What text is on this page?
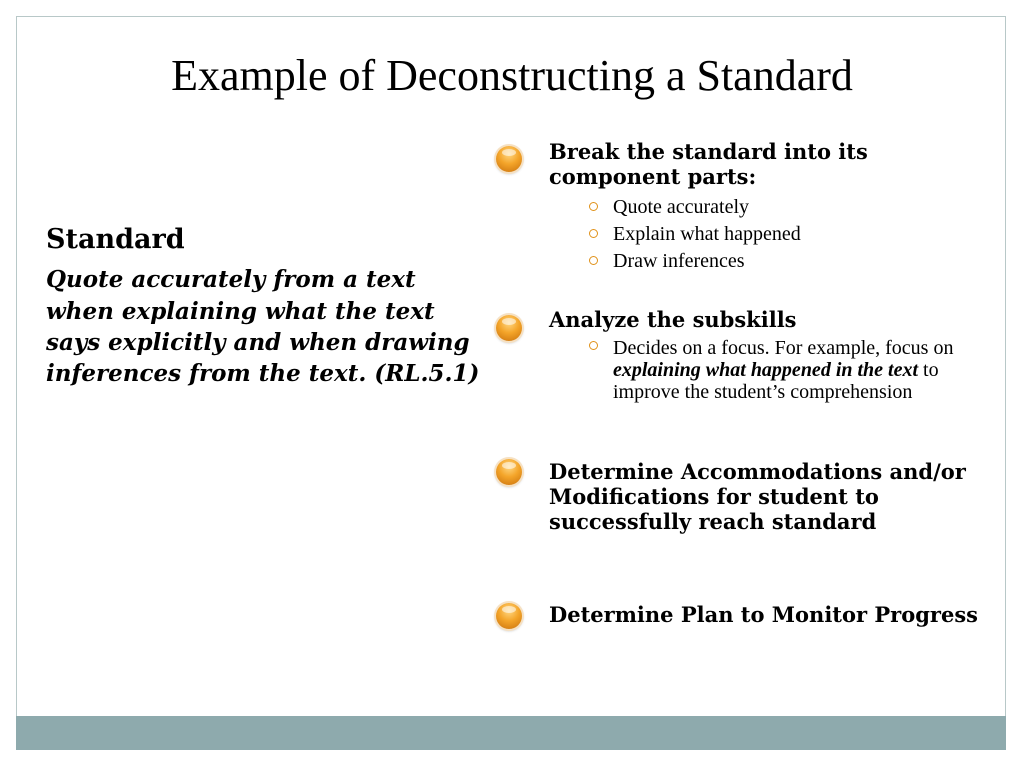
Example of Deconstructing a Standard

Standard

Quote accurately from a text when explaining what the text says explicitly and when drawing inferences from the text. (RL.5.1)

Break the standard into its component parts:

Quote accurately
Explain what happened
Draw inferences

Analyze the subskills

Decides on a focus. For example, focus on explaining what happened in the text to improve the student’s comprehension

Determine Accommodations and/or Modifications for student to successfully reach standard

Determine Plan to Monitor Progress
